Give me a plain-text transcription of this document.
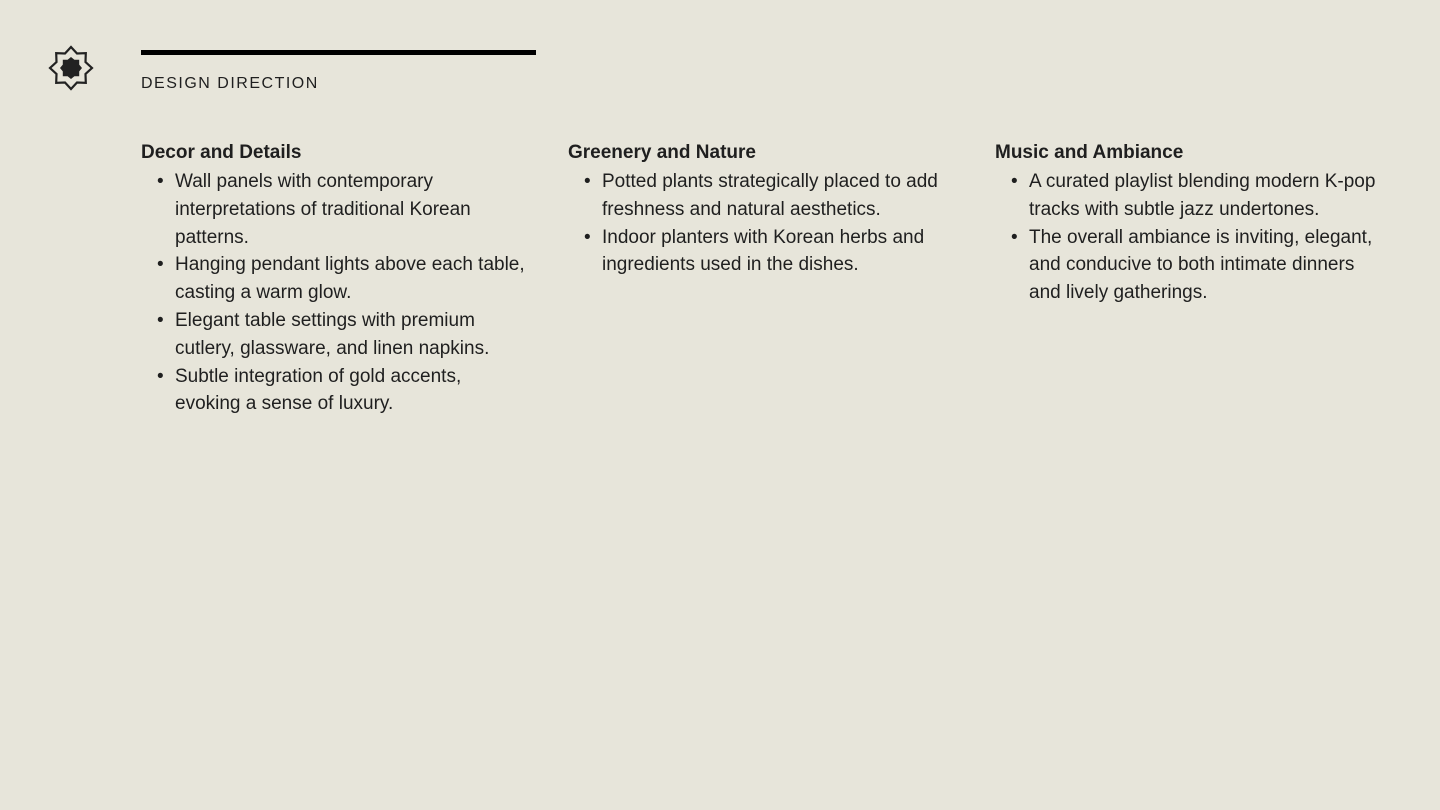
DESIGN DIRECTION
Decor and Details
• Wall panels with contemporary interpretations of traditional Korean patterns.
• Hanging pendant lights above each table, casting a warm glow.
• Elegant table settings with premium cutlery, glassware, and linen napkins.
• Subtle integration of gold accents, evoking a sense of luxury.
Greenery and Nature
• Potted plants strategically placed to add freshness and natural aesthetics.
• Indoor planters with Korean herbs and ingredients used in the dishes.
Music and Ambiance
• A curated playlist blending modern K-pop tracks with subtle jazz undertones.
• The overall ambiance is inviting, elegant, and conducive to both intimate dinners and lively gatherings.
